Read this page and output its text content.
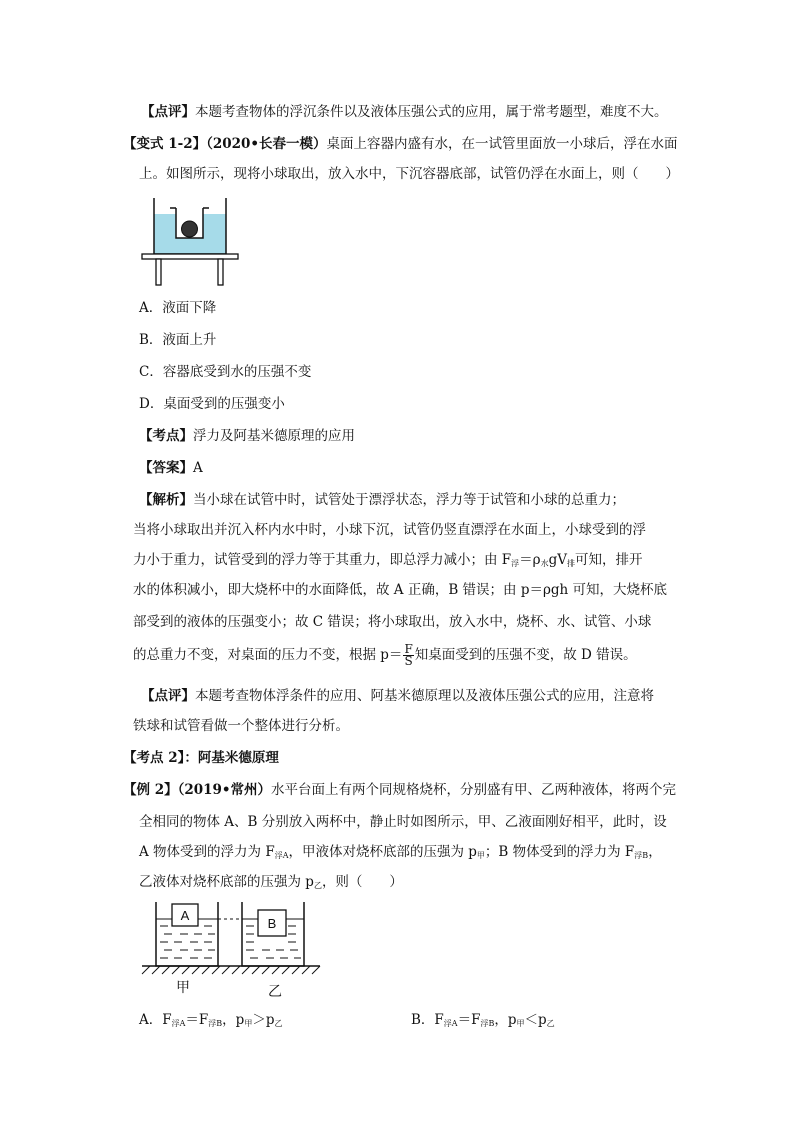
【点评】本题考查物体的浮沉条件以及液体压强公式的应用，属于常考题型，难度不大。
【变式 1-2】（2020•长春一模）桌面上容器内盛有水，在一试管里面放一小球后，浮在水面
上。如图所示，现将小球取出，放入水中，下沉容器底部，试管仍浮在水面上，则（　　）
A．液面下降
B．液面上升
C．容器底受到水的压强不变
D．桌面受到的压强变小
【考点】浮力及阿基米德原理的应用
【答案】A
【解析】当小球在试管中时，试管处于漂浮状态，浮力等于试管和小球的总重力；
当将小球取出并沉入杯内水中时，小球下沉，试管仍竖直漂浮在水面上，小球受到的浮
力小于重力，试管受到的浮力等于其重力，即总浮力减小；由 $F_浮=\rho_水gV_排$可知，排开
水的体积减小，即大烧杯中的水面降低，故 A 正确，B 错误；由 p＝ρgh 可知，大烧杯底
部受到的液体的压强变小；故 C 错误；将小球取出，放入水中，烧杯、水、试管、小球
的总重力不变，对桌面的压力不变，根据 $p= \frac{F}{S}$ 知桌面受到的压强不变，故 D 错误。
【点评】本题考查物体浮条件的应用、阿基米德原理以及液体压强公式的应用，注意将
铁球和试管看做一个整体进行分析。
【考点 2】：阿基米德原理
【例 2】（2019•常州）水平台面上有两个同规格烧杯，分别盛有甲、乙两种液体，将两个完
全相同的物体 A、B 分别放入两杯中，静止时如图所示，甲、乙液面刚好相平，此时，设
A 物体受到的浮力为 $F_{浮A}$，甲液体对烧杯底部的压强为 $p_甲$；B 物体受到的浮力为 $F_{浮B}$，
乙液体对烧杯底部的压强为 $p_乙$，则（　　）
A
B
甲	乙
A．$F_{浮A}=F_{浮B}$，$p_甲>p_乙$	B．$F_{浮A}=F_{浮B}$，$p_甲<p_乙$
